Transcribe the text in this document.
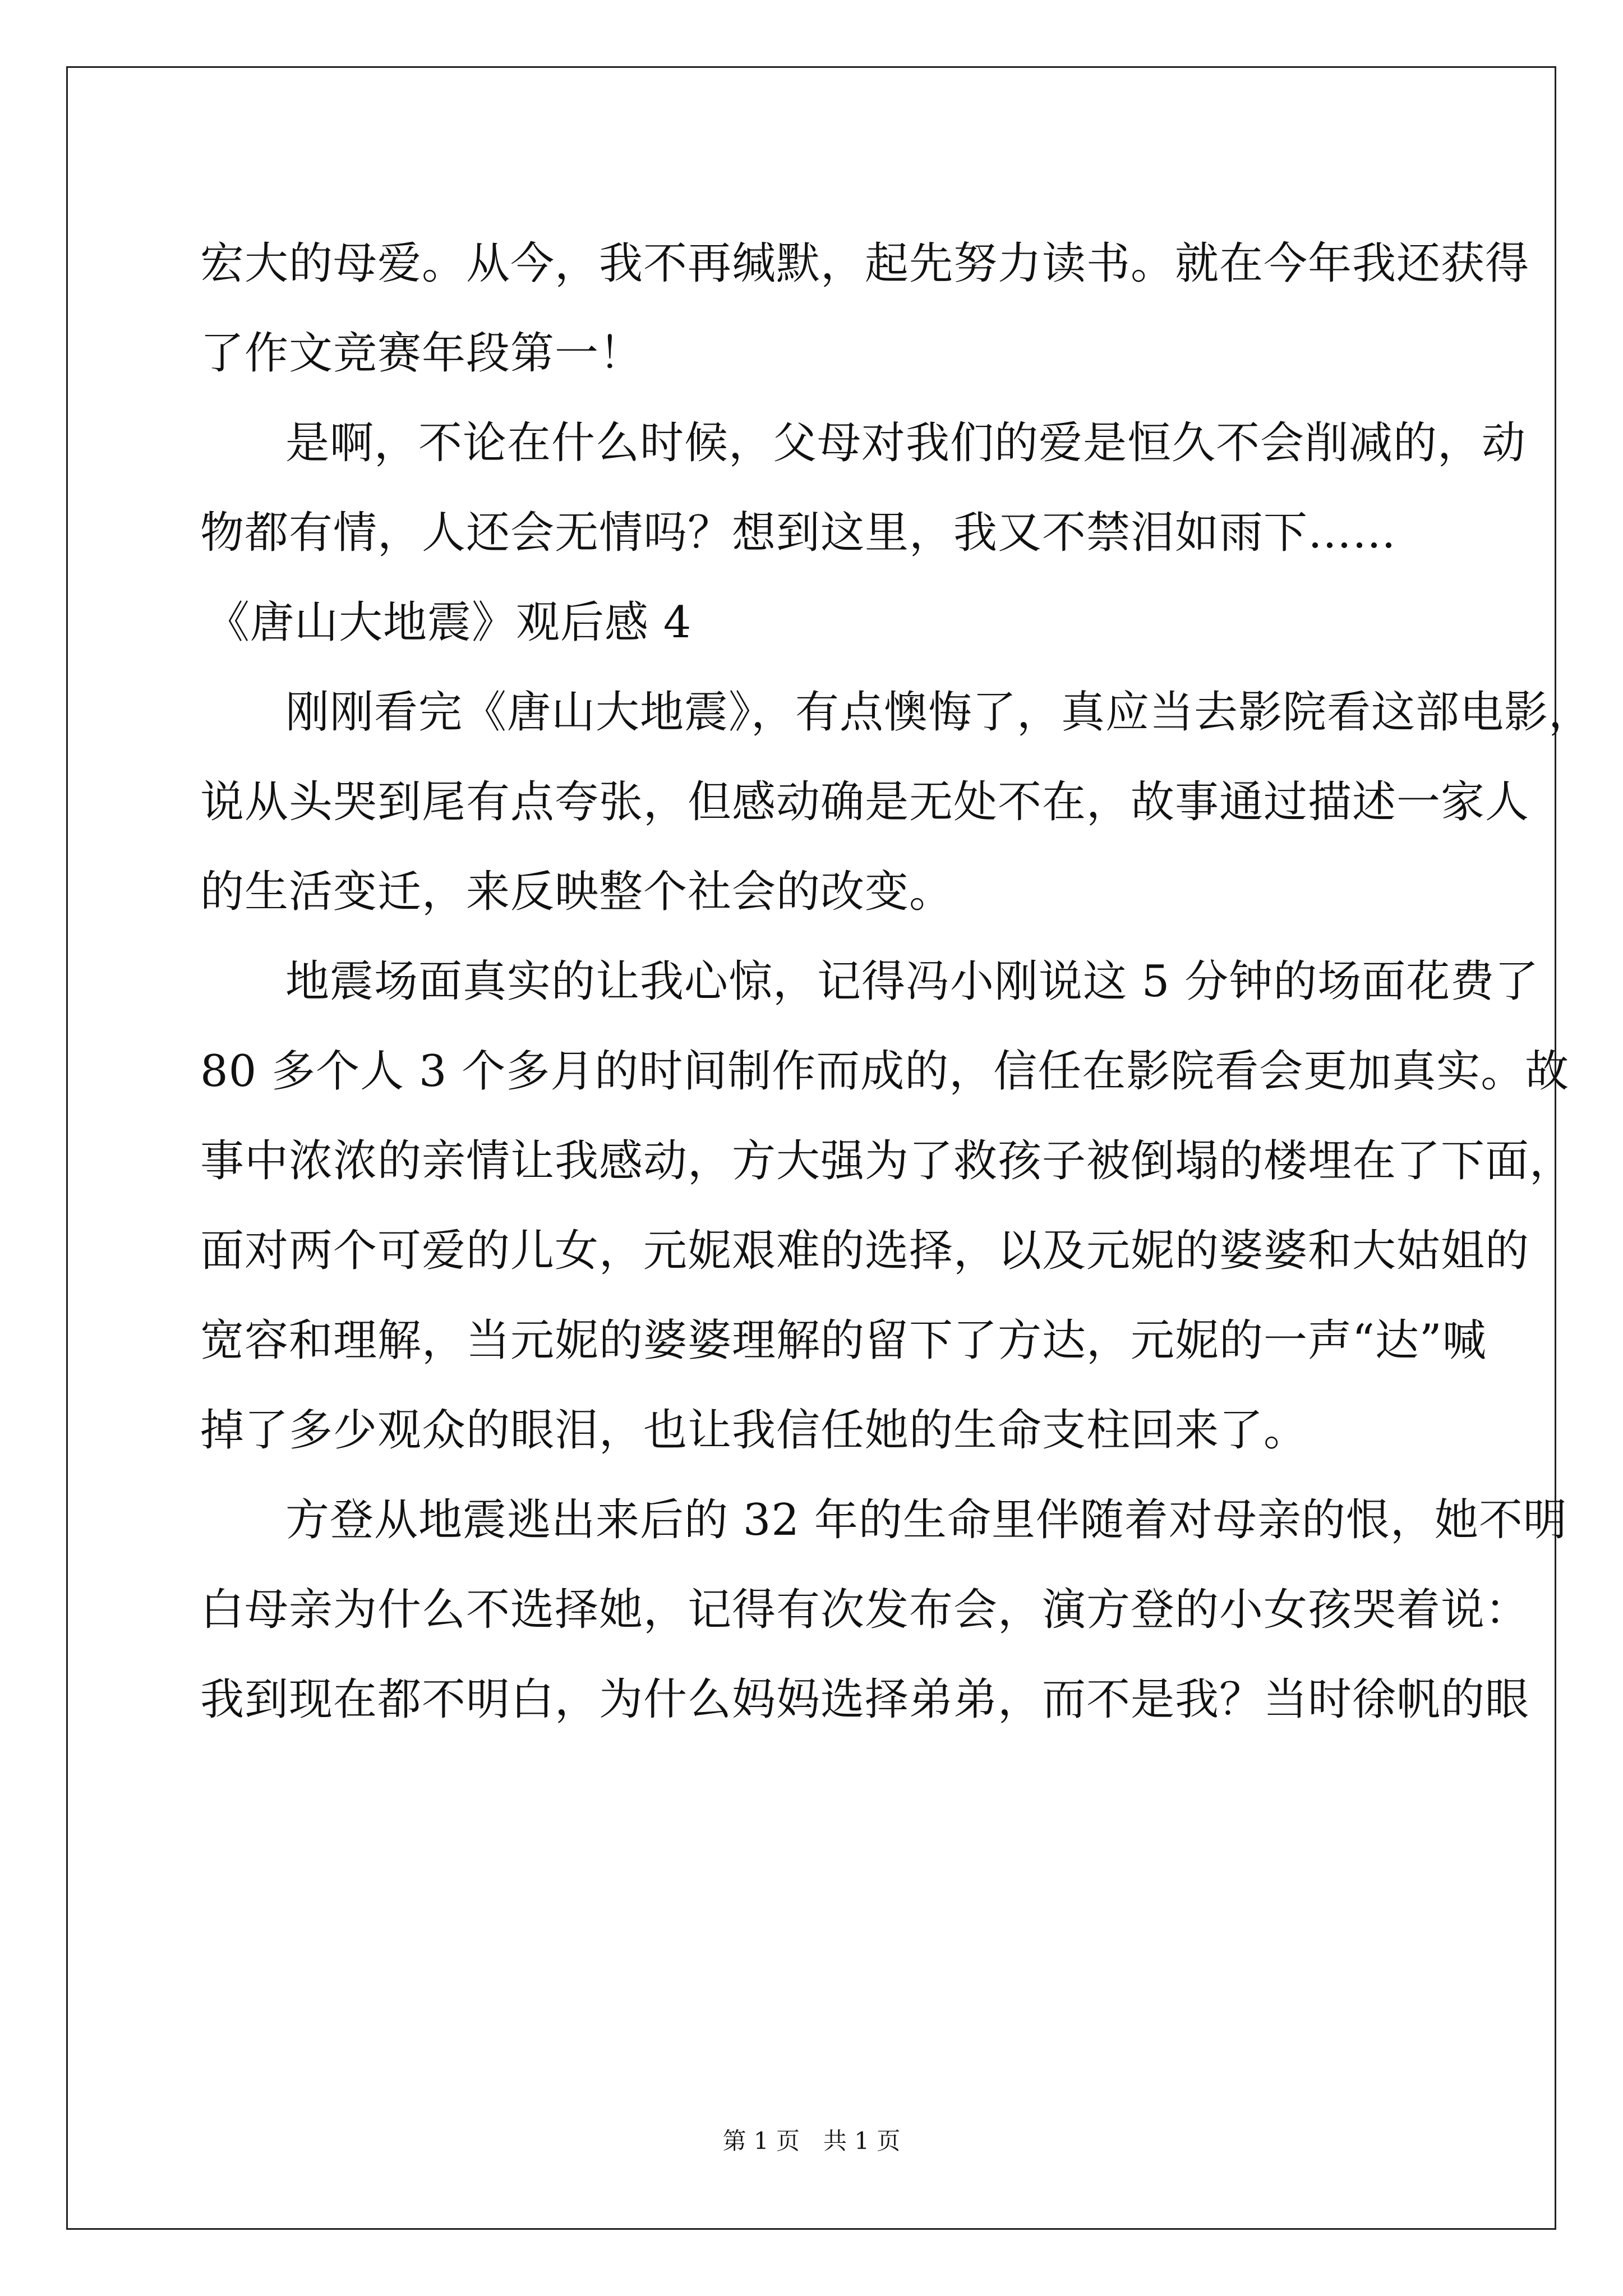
宏大的母爱。从今，我不再缄默，起先努力读书。就在今年我还获得
了作文竞赛年段第一！
是啊，不论在什么时候，父母对我们的爱是恒久不会削减的，动
物都有情，人还会无情吗？想到这里，我又不禁泪如雨下……
《唐山大地震》观后感 4
刚刚看完《唐山大地震》，有点懊悔了，真应当去影院看这部电影，
说从头哭到尾有点夸张，但感动确是无处不在，故事通过描述一家人
的生活变迁，来反映整个社会的改变。
地震场面真实的让我心惊，记得冯小刚说这 5 分钟的场面花费了
80 多个人 3 个多月的时间制作而成的，信任在影院看会更加真实。故
事中浓浓的亲情让我感动，方大强为了救孩子被倒塌的楼埋在了下面，
面对两个可爱的儿女，元妮艰难的选择，以及元妮的婆婆和大姑姐的
宽容和理解，当元妮的婆婆理解的留下了方达，元妮的一声“达”喊
掉了多少观众的眼泪，也让我信任她的生命支柱回来了。
方登从地震逃出来后的 32 年的生命里伴随着对母亲的恨，她不明
白母亲为什么不选择她，记得有次发布会，演方登的小女孩哭着说：
我到现在都不明白，为什么妈妈选择弟弟，而不是我？当时徐帆的眼
第 1 页　共 1 页
